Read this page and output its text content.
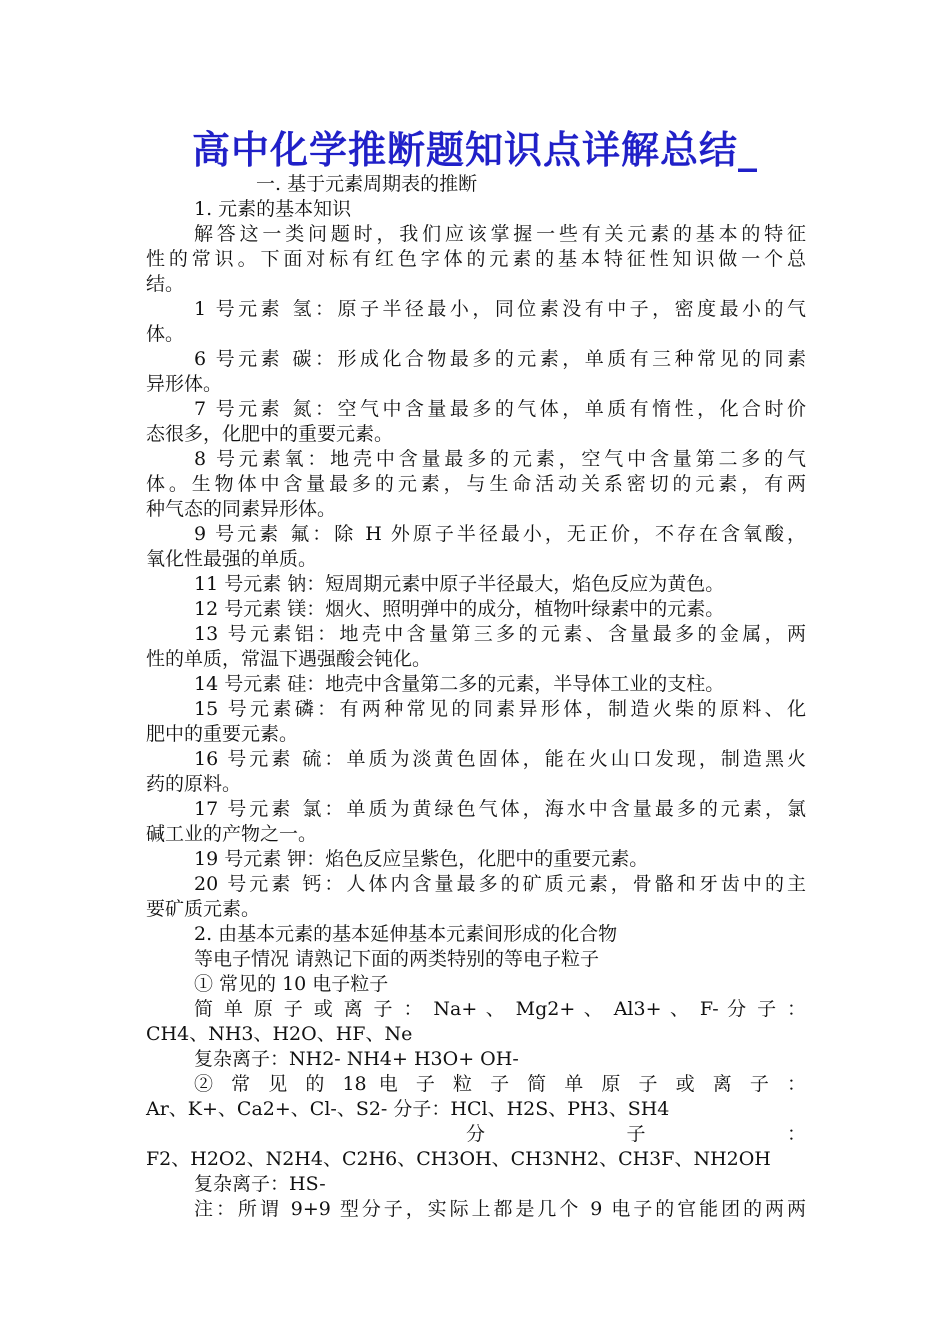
高中化学推断题知识点详解总结_
一. 基于元素周期表的推断
1. 元素的基本知识
解答这一类问题时，我们应该掌握一些有关元素的基本的特征
性的常识。下面对标有红色字体的元素的基本特征性知识做一个总
结。
1 号元素 氢：原子半径最小，同位素没有中子，密度最小的气
体。
6 号元素 碳：形成化合物最多的元素，单质有三种常见的同素
异形体。
7 号元素 氮：空气中含量最多的气体，单质有惰性，化合时价
态很多，化肥中的重要元素。
8 号元素氧：地壳中含量最多的元素，空气中含量第二多的气
体。生物体中含量最多的元素，与生命活动关系密切的元素，有两
种气态的同素异形体。
9 号元素 氟：除 H 外原子半径最小，无正价，不存在含氧酸，
氧化性最强的单质。
11 号元素 钠：短周期元素中原子半径最大，焰色反应为黄色。
12 号元素 镁：烟火、照明弹中的成分，植物叶绿素中的元素。
13 号元素铝：地壳中含量第三多的元素、含量最多的金属，两
性的单质，常温下遇强酸会钝化。
14 号元素 硅：地壳中含量第二多的元素，半导体工业的支柱。
15 号元素磷：有两种常见的同素异形体，制造火柴的原料、化
肥中的重要元素。
16 号元素 硫：单质为淡黄色固体，能在火山口发现，制造黑火
药的原料。
17 号元素 氯：单质为黄绿色气体，海水中含量最多的元素，氯
碱工业的产物之一。
19 号元素 钾：焰色反应呈紫色，化肥中的重要元素。
20 号元素 钙：人体内含量最多的矿质元素，骨骼和牙齿中的主
要矿质元素。
2. 由基本元素的基本延伸基本元素间形成的化合物
等电子情况 请熟记下面的两类特别的等电子粒子
① 常见的 10 电子粒子
简 单 原 子 或 离 子 ： Na+ 、 Mg2+ 、 Al3+ 、 F- 分 子 ：
CH4、NH3、H2O、HF、Ne
复杂离子：NH2- NH4+ H3O+ OH-
② 常 见 的 18 电 子 粒 子 简 单 原 子 或 离 子 ：
Ar、K+、Ca2+、Cl-、S2- 分子：HCl、H2S、PH3、SH4
分 子 ：
F2、H2O2、N2H4、C2H6、CH3OH、CH3NH2、CH3F、NH2OH
复杂离子：HS-
注：所谓 9+9 型分子，实际上都是几个 9 电子的官能团的两两
